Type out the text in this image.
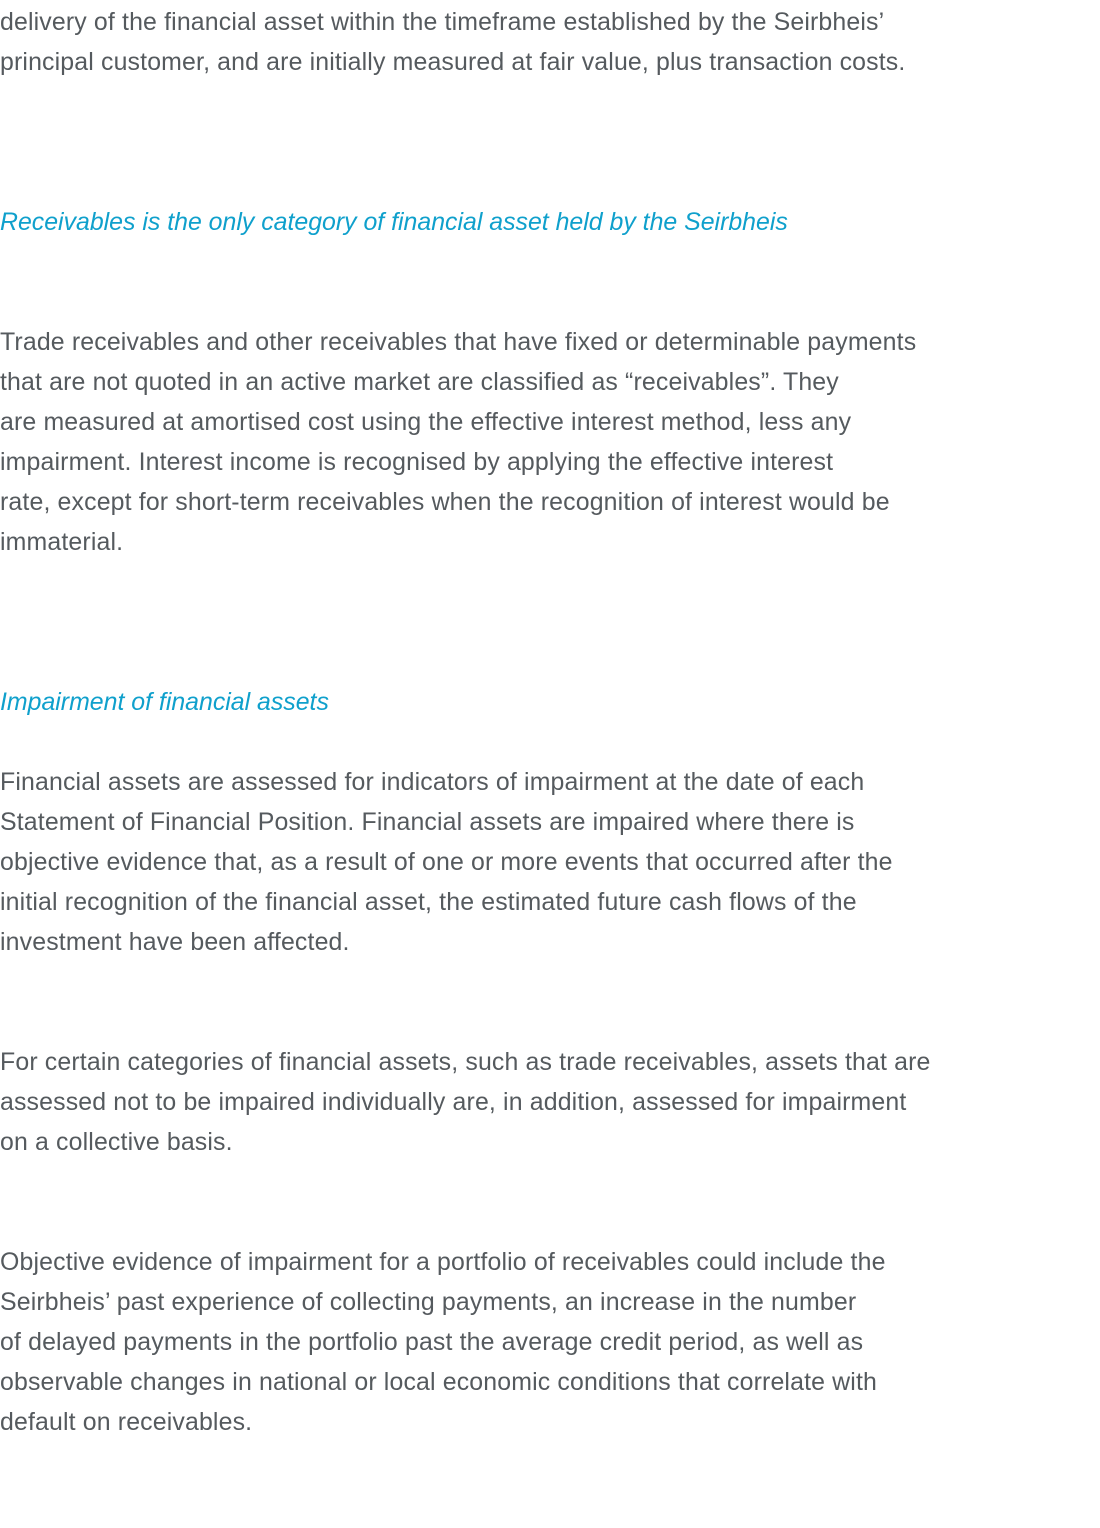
delivery of the financial asset within the timeframe established by the Seirbheis’
principal customer, and are initially measured at fair value, plus transaction costs.
Receivables is the only category of financial asset held by the Seirbheis
Trade receivables and other receivables that have fixed or determinable payments
that are not quoted in an active market are classified as “receivables”. They
are measured at amortised cost using the effective interest method, less any
impairment. Interest income is recognised by applying the effective interest
rate, except for short-term receivables when the recognition of interest would be
immaterial.
Impairment of financial assets
Financial assets are assessed for indicators of impairment at the date of each
Statement of Financial Position. Financial assets are impaired where there is
objective evidence that, as a result of one or more events that occurred after the
initial recognition of the financial asset, the estimated future cash flows of the
investment have been affected.
For certain categories of financial assets, such as trade receivables, assets that are
assessed not to be impaired individually are, in addition, assessed for impairment
on a collective basis.
Objective evidence of impairment for a portfolio of receivables could include the
Seirbheis’ past experience of collecting payments, an increase in the number
of delayed payments in the portfolio past the average credit period, as well as
observable changes in national or local economic conditions that correlate with
default on receivables.
